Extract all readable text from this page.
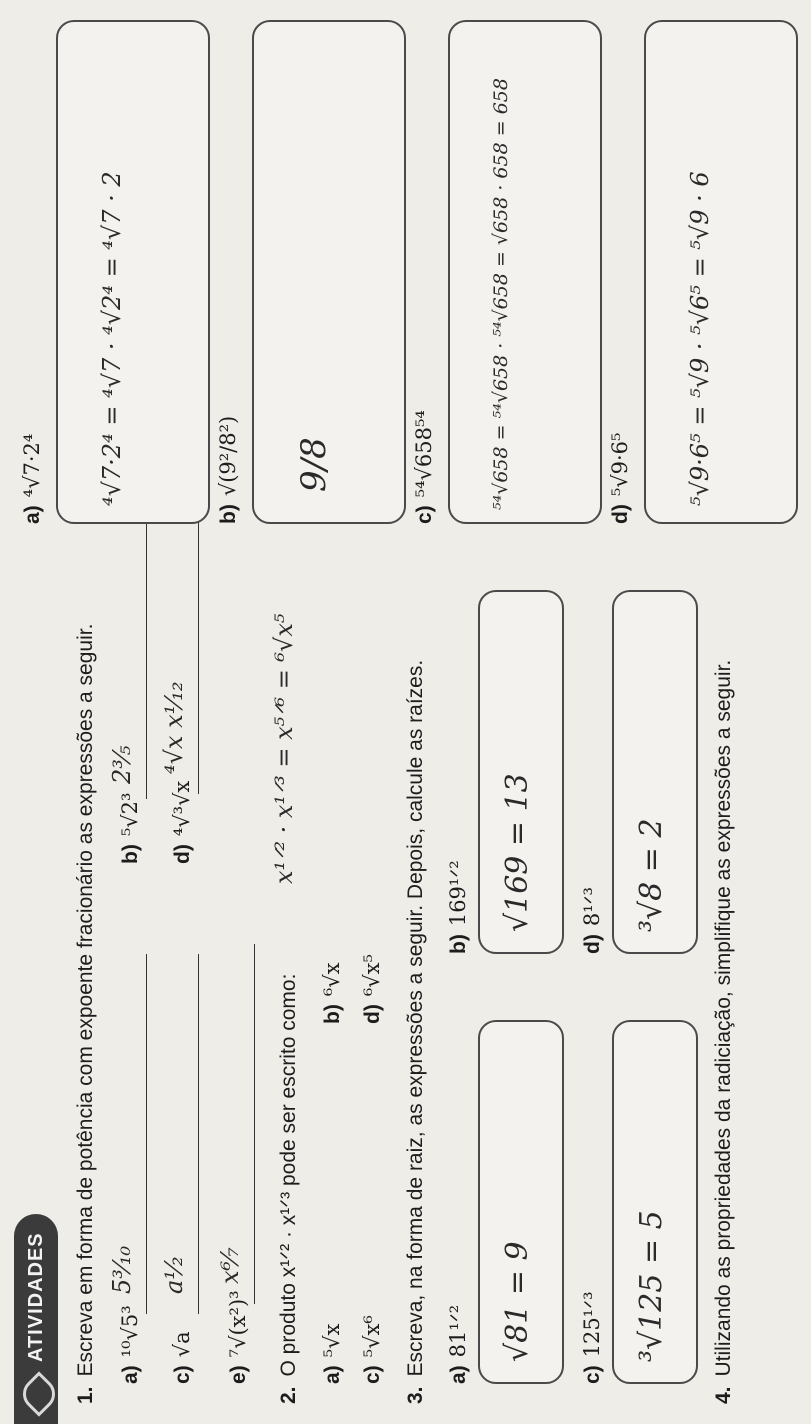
ATIVIDADES
1.Escreva em forma de potência com expoente fracionário as expressões a seguir. a)¹⁰√5³
5³⁄₁₀
b)⁵√2³
2³⁄₅
c)√a
a¹⁄₂
d)⁴√³√x
⁴√x x¹⁄₁₂
e)⁷√(x²)³
x⁶⁄₇
2.O produto x¹ᐟ² · x¹ᐟ³ pode ser escrito como:
x¹ᐟ² · x¹ᐟ³ = x⁵ᐟ⁶ = ⁶√x⁵
a)⁵√x
b)⁶√x
c)⁵√x⁶
d)⁶√x⁵
3.Escreva, na forma de raiz, as expressões a seguir. Depois, calcule as raízes. a)81¹ᐟ² √81 = 9
b)169¹ᐟ² √169 = 13
c)125¹ᐟ³ ³√125 = 5
d)8¹ᐟ³ ³√8 = 2
4.Utilizando as propriedades da radiciação, simplifique as expressões a seguir.
a)⁴√7·2⁴ ⁴√7·2⁴ = ⁴√7 · ⁴√2⁴ = ⁴√7 · 2
b)√(9²/8²) 9/8
c)⁵⁴√658⁵⁴	⁵⁴√658 = ⁵⁴√658 · ⁵⁴√658 = √658 · 658 = 658
d)⁵√9·6⁵ ⁵√9·6⁵ = ⁵√9 · ⁵√6⁵ = ⁵√9 · 6
